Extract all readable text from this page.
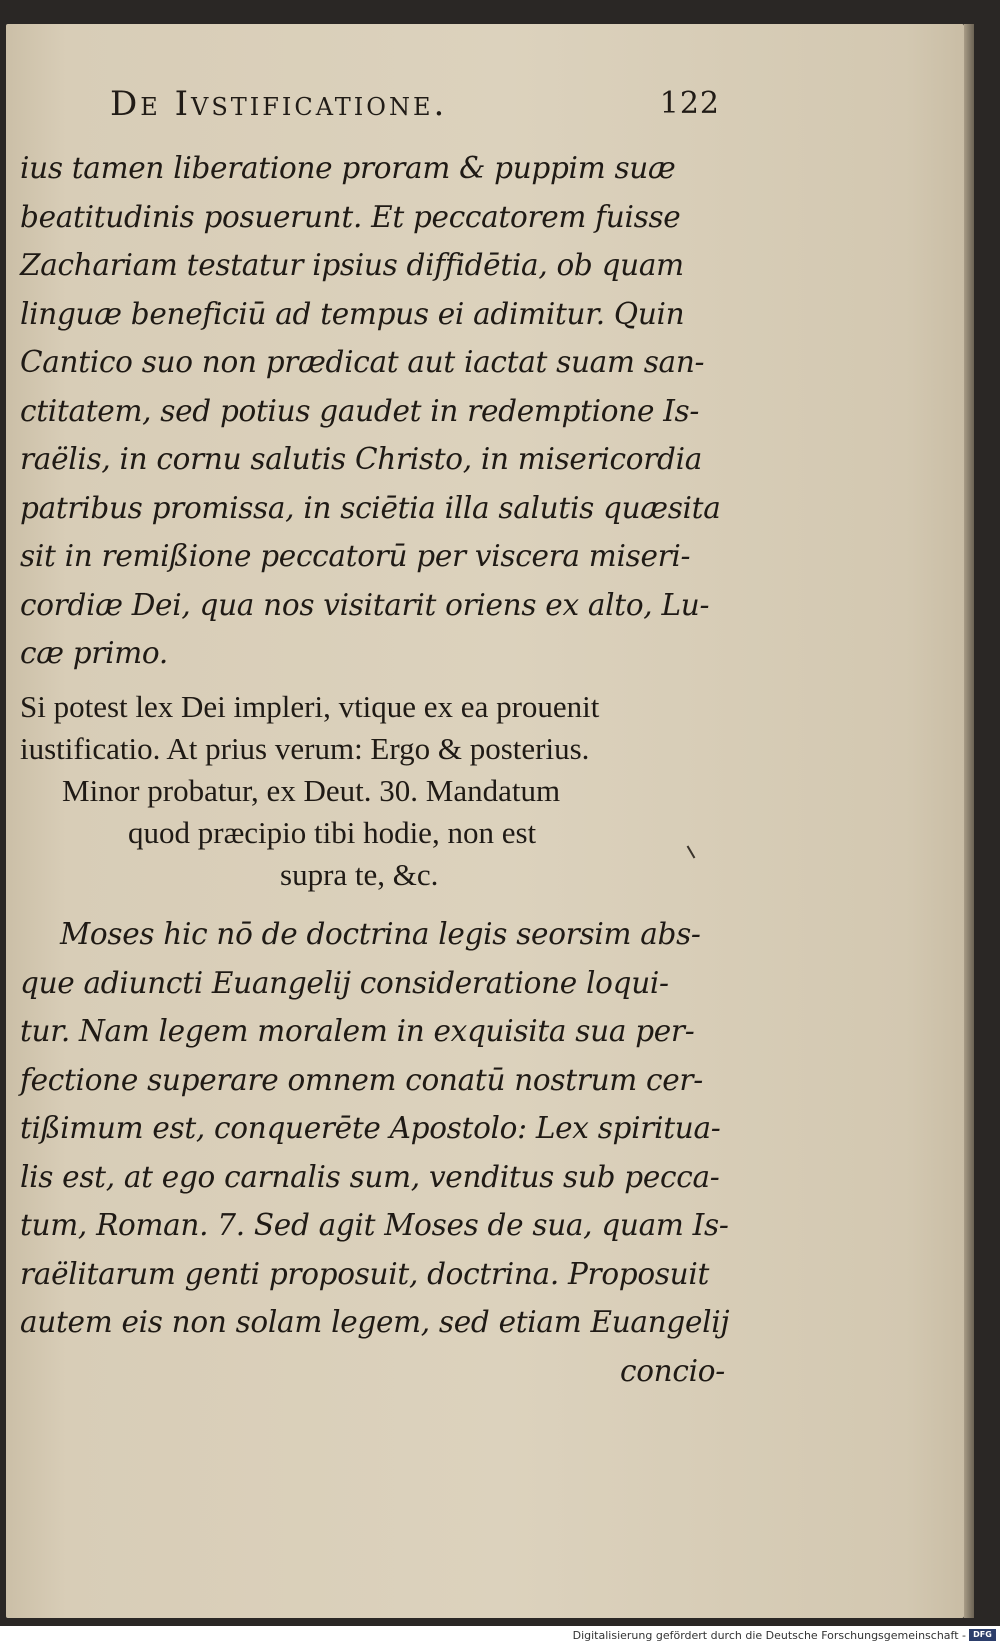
De Ivstificatione.	122
ius tamen liberatione proram & puppim suæ
beatitudinis posuerunt. Et peccatorem fuisse
Zachariam testatur ipsius diffidētia, ob quam
linguæ beneficiū ad tempus ei adimitur. Quin
Cantico suo non prædicat aut iactat suam san-
ctitatem, sed potius gaudet in redemptione Is-
raëlis, in cornu salutis Christo, in misericordia
patribus promissa, in sciētia illa salutis quæsita
sit in remißione peccatorū per viscera miseri-
cordiæ Dei, qua nos visitarit oriens ex alto, Lu-
cæ primo.
Si potest lex Dei impleri, vtique ex ea prouenit
iustificatio. At prius verum: Ergo & posterius.
Minor probatur, ex Deut. 30. Mandatum
quod præcipio tibi hodie, non est
supra te, &c.
Moses hic nō de doctrina legis seorsim abs-
que adiuncti Euangelij consideratione loqui-
tur. Nam legem moralem in exquisita sua per-
fectione superare omnem conatū nostrum cer-
tißimum est, conquerēte Apostolo: Lex spiritua-
lis est, at ego carnalis sum, venditus sub pecca-
tum, Roman. 7. Sed agit Moses de sua, quam Is-
raëlitarum genti proposuit, doctrina. Proposuit
autem eis non solam legem, sed etiam Euangelij
concio-
Digitalisierung gefördert durch die Deutsche Forschungsgemeinschaft - DFG
